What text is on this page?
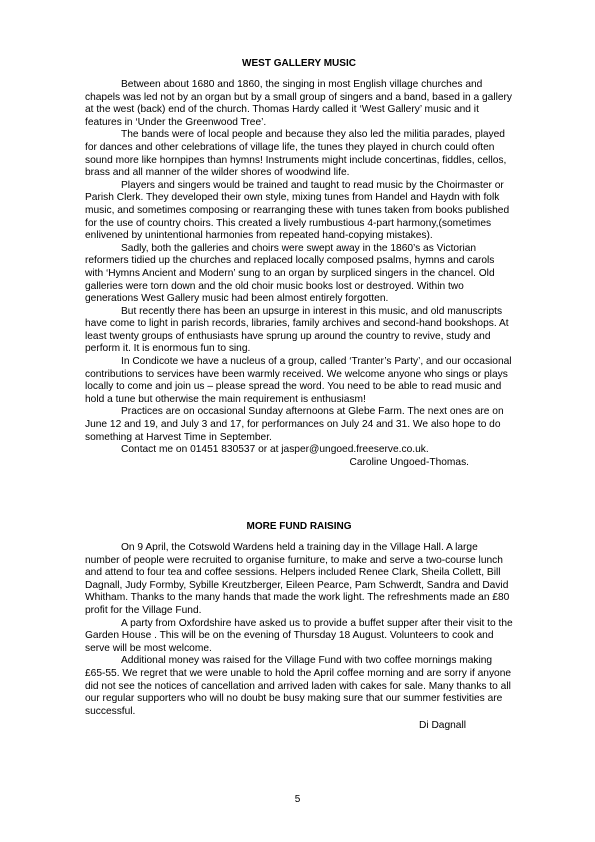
WEST GALLERY MUSIC

Between about 1680 and 1860, the singing in most English village churches and chapels was led not by an organ but by a small group of singers and a band, based in a gallery at the west (back) end of the church. Thomas Hardy called it ‘West Gallery’ music and it features in ‘Under the Greenwood Tree’.

The bands were of local people and because they also led the militia parades, played for dances and other celebrations of village life, the tunes they played in church could often sound more like hornpipes than hymns! Instruments might include concertinas, fiddles, cellos, brass and all manner of the wilder shores of woodwind life.

Players and singers would be trained and taught to read music by the Choirmaster or Parish Clerk. They developed their own style, mixing tunes from Handel and Haydn with folk music, and sometimes composing or rearranging these with tunes taken from books published for the use of country choirs. This created a lively rumbustious 4-part harmony,(sometimes enlivened by unintentional harmonies from repeated hand-copying mistakes).

Sadly, both the galleries and choirs were swept away in the 1860’s as Victorian reformers tidied up the churches and replaced locally composed psalms, hymns and carols with ‘Hymns Ancient and Modern’ sung to an organ by surpliced singers in the chancel. Old galleries were torn down and the old choir music books lost or destroyed. Within two generations West Gallery music had been almost entirely forgotten.

But recently there has been an upsurge in interest in this music, and old manuscripts have come to light in parish records, libraries, family archives and second-hand bookshops. At least twenty groups of enthusiasts have sprung up around the country to revive, study and perform it. It is enormous fun to sing.

In Condicote we have a nucleus of a group, called ‘Tranter’s Party’, and our occasional contributions to services have been warmly received. We welcome anyone who sings or plays locally to come and join us – please spread the word. You need to be able to read music and hold a tune but otherwise the main requirement is enthusiasm!

Practices are on occasional Sunday afternoons at Glebe Farm. The next ones are on June 12 and 19, and July 3 and 17, for performances on July 24 and 31. We also hope to do something at Harvest Time in September.

Contact me on 01451 830537 or at jasper@ungoed.freeserve.co.uk.

Caroline Ungoed-Thomas.
MORE FUND RAISING

On 9 April, the Cotswold Wardens held a training day in the Village Hall. A large number of people were recruited to organise furniture, to make and serve a two-course lunch and attend to four tea and coffee sessions. Helpers included Renee Clark, Sheila Collett, Bill Dagnall, Judy Formby, Sybille Kreutzberger, Eileen Pearce, Pam Schwerdt, Sandra and David Whitham. Thanks to the many hands that made the work light. The refreshments made an £80 profit for the Village Fund.

A party from Oxfordshire have asked us to provide a buffet supper after their visit to the Garden House . This will be on the evening of Thursday 18 August. Volunteers to cook and serve will be most welcome.

Additional money was raised for the Village Fund with two coffee mornings making £65-55. We regret that we were unable to hold the April coffee morning and are sorry if anyone did not see the notices of cancellation and arrived laden with cakes for sale. Many thanks to all our regular supporters who will no doubt be busy making sure that our summer festivities are successful.

Di Dagnall
5
